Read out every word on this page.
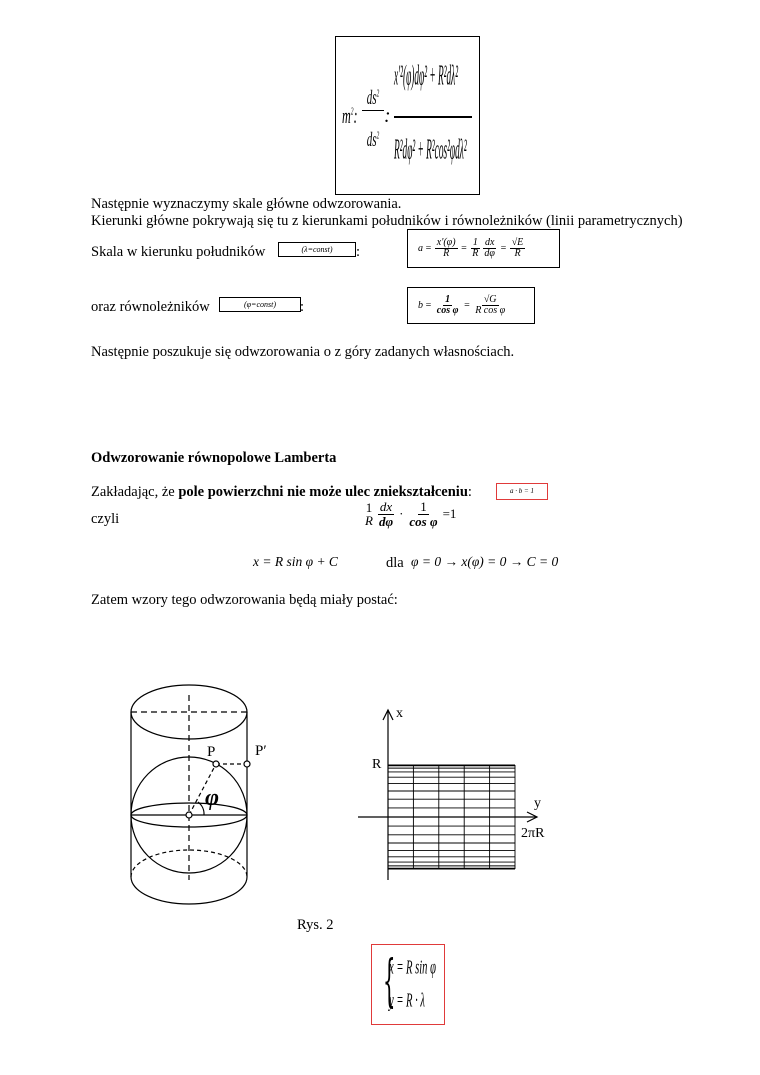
$m^2$:
$ds^2$
$ds^2$
:
x'²(φ)dφ² + R²dλ²
R²dφ² + R²cos²φdλ²
Następnie wyznaczymy skale główne odwzorowania.
Kierunki główne pokrywają się tu z kierunkami południków i równoleżników (linii parametrycznych)
Skala w kierunku południków	(λ=const)	:	$a = \frac{x'(\varphi)}{R} = \frac{1}{R} \frac{dx}{d\varphi} = \frac{√E}{R}$
oraz równoleżników	(φ=const)	:	$b = \frac{1}{\text{cos φ}} = \frac{√G}{\text{R cos φ}}$
Następnie poszukuje się odwzorowania o z góry zadanych własnościach.
Odwzorowanie równopolowe Lamberta
Zakładając, że pole powierzchni nie może ulec zniekształceniu:	a · b = 1
czyli
1
R $\frac{dx}{d\varphi} \cdot \frac{1}{\text{cos φ}} =1$
x = R sin φ + C	dla φ = 0 → x(φ) = 0 → C = 0
Zatem wzory tego odwzorowania będą miały postać:
P	P′
φ
x
y
R
2πR
Rys. 2
{
x = R sin φ
y = R · λ
